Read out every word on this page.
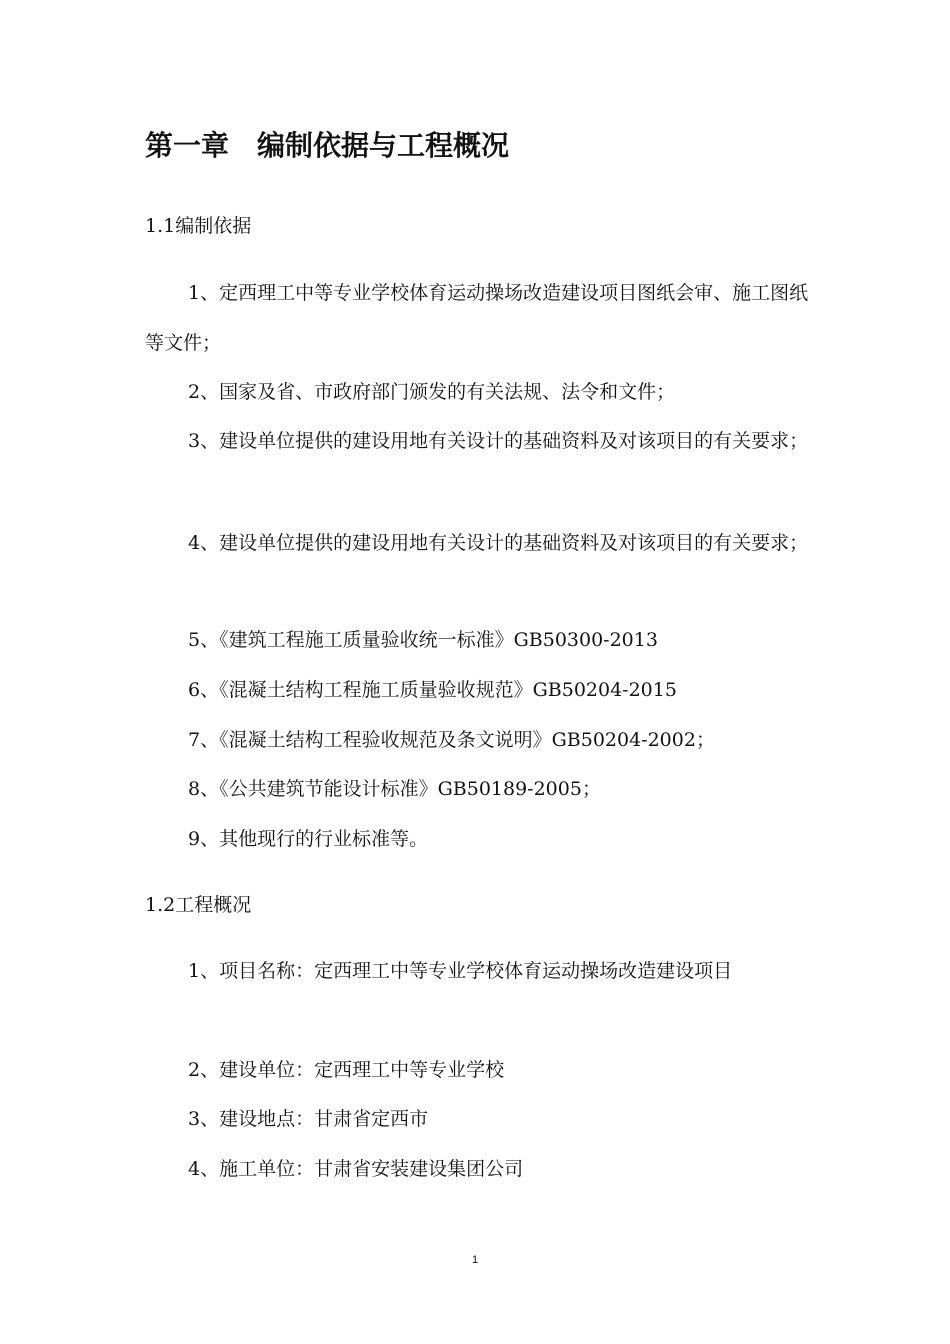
第一章　编制依据与工程概况
1.1编制依据

1、定西理工中等专业学校体育运动操场改造建设项目图纸会审、施工图纸等文件；

2、国家及省、市政府部门颁发的有关法规、法令和文件；

3、建设单位提供的建设用地有关设计的基础资料及对该项目的有关要求；

4、建设单位提供的建设用地有关设计的基础资料及对该项目的有关要求；

5、《建筑工程施工质量验收统一标准》GB50300-2013

6、《混凝土结构工程施工质量验收规范》GB50204-2015

7、《混凝土结构工程验收规范及条文说明》GB50204-2002；

8、《公共建筑节能设计标准》GB50189-2005；

9、其他现行的行业标准等。

1.2工程概况

1、项目名称：定西理工中等专业学校体育运动操场改造建设项目

2、建设单位：定西理工中等专业学校

3、建设地点：甘肃省定西市

4、施工单位：甘肃省安装建设集团公司

1
